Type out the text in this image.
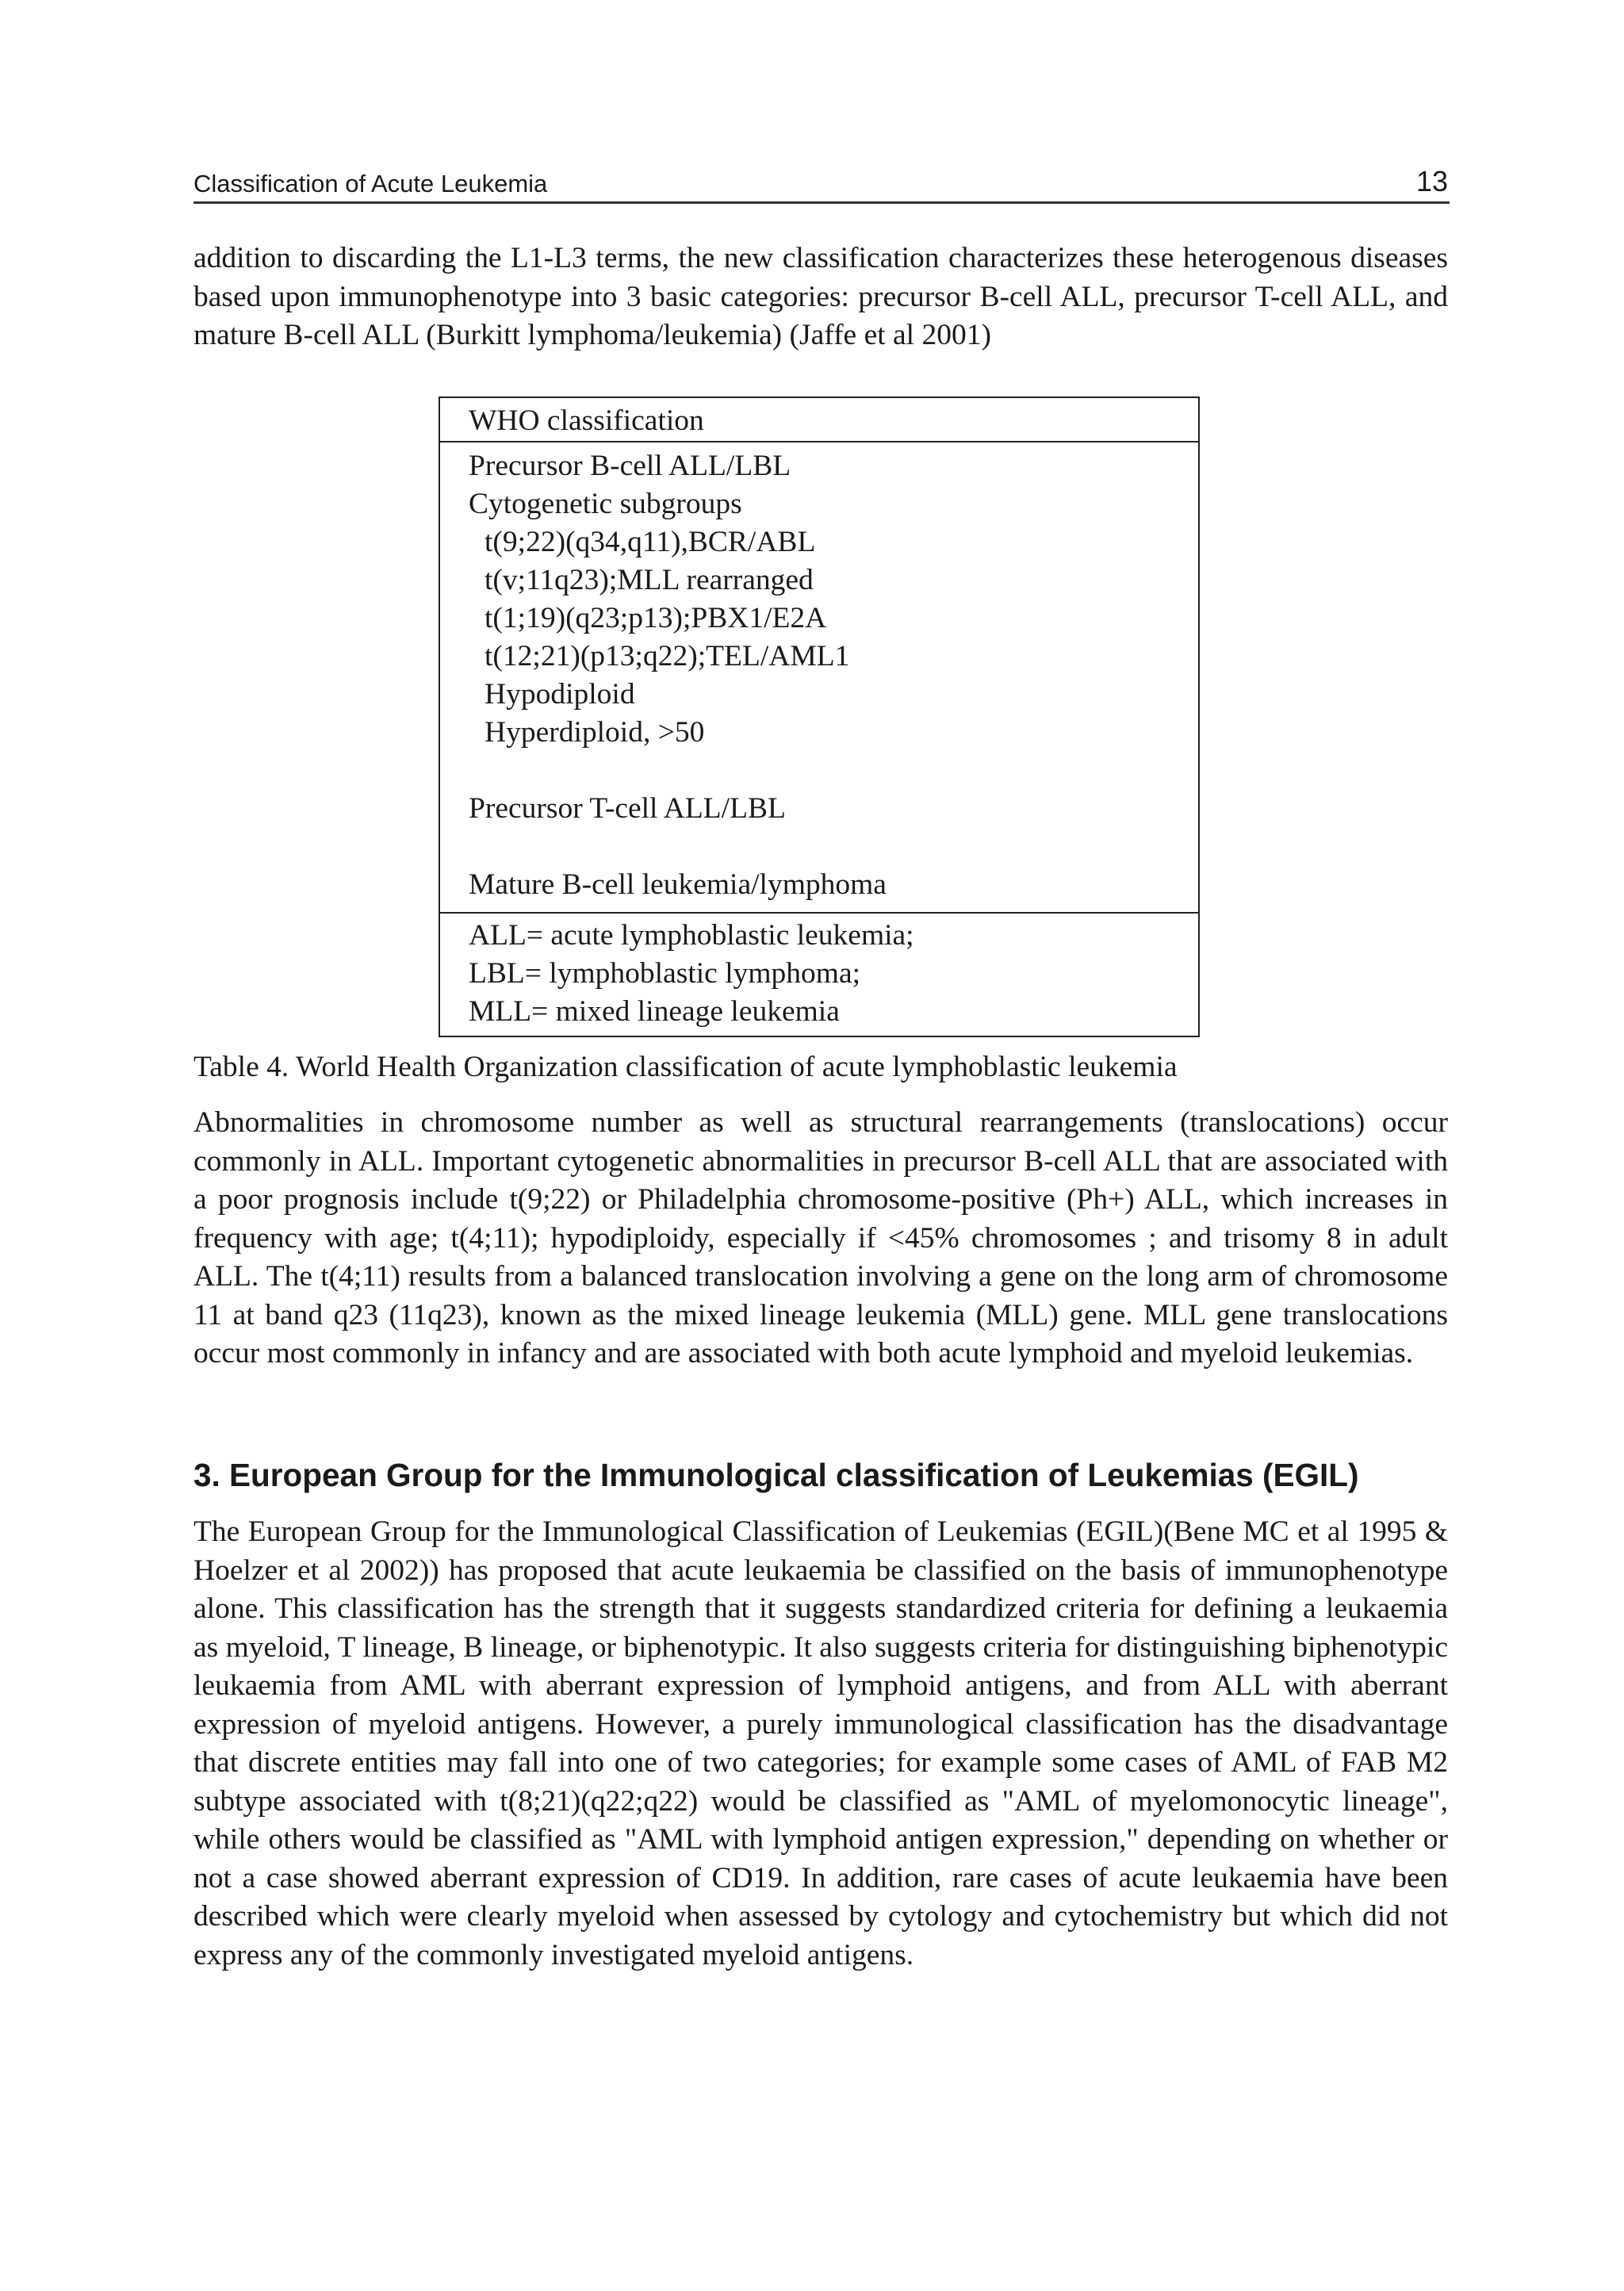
Classification of Acute Leukemia	13

addition to discarding the L1-L3 terms, the new classification characterizes these heterogenous diseases based upon immunophenotype into 3 basic categories: precursor B-cell ALL, precursor T-cell ALL, and mature B-cell ALL (Burkitt lymphoma/leukemia) (Jaffe et al 2001)

WHO classification
Precursor B-cell ALL/LBL
Cytogenetic subgroups
t(9;22)(q34,q11),BCR/ABL
t(v;11q23);MLL rearranged
t(1;19)(q23;p13);PBX1/E2A
t(12;21)(p13;q22);TEL/AML1
Hypodiploid
Hyperdiploid, >50
Precursor T-cell ALL/LBL
Mature B-cell leukemia/lymphoma
ALL= acute lymphoblastic leukemia;
LBL= lymphoblastic lymphoma;
MLL= mixed lineage leukemia
Table 4. World Health Organization classification of acute lymphoblastic leukemia

Abnormalities in chromosome number as well as structural rearrangements (translocations) occur commonly in ALL. Important cytogenetic abnormalities in precursor B-cell ALL that are associated with a poor prognosis include t(9;22) or Philadelphia chromosome-positive (Ph+) ALL, which increases in frequency with age; t(4;11); hypodiploidy, especially if <45% chromosomes ; and trisomy 8 in adult ALL. The t(4;11) results from a balanced translocation involving a gene on the long arm of chromosome 11 at band q23 (11q23), known as the mixed lineage leukemia (MLL) gene. MLL gene translocations occur most commonly in infancy and are associated with both acute lymphoid and myeloid leukemias.

3. European Group for the Immunological classification of Leukemias (EGIL)

The European Group for the Immunological Classification of Leukemias (EGIL)(Bene MC et al 1995 & Hoelzer et al 2002)) has proposed that acute leukaemia be classified on the basis of immunophenotype alone. This classification has the strength that it suggests standardized criteria for defining a leukaemia as myeloid, T lineage, B lineage, or biphenotypic. It also suggests criteria for distinguishing biphenotypic leukaemia from AML with aberrant expression of lymphoid antigens, and from ALL with aberrant expression of myeloid antigens. However, a purely immunological classification has the disadvantage that discrete entities may fall into one of two categories; for example some cases of AML of FAB M2 subtype associated with t(8;21)(q22;q22) would be classified as "AML of myelomonocytic lineage", while others would be classified as "AML with lymphoid antigen expression," depending on whether or not a case showed aberrant expression of CD19. In addition, rare cases of acute leukaemia have been described which were clearly myeloid when assessed by cytology and cytochemistry but which did not express any of the commonly investigated myeloid antigens.
